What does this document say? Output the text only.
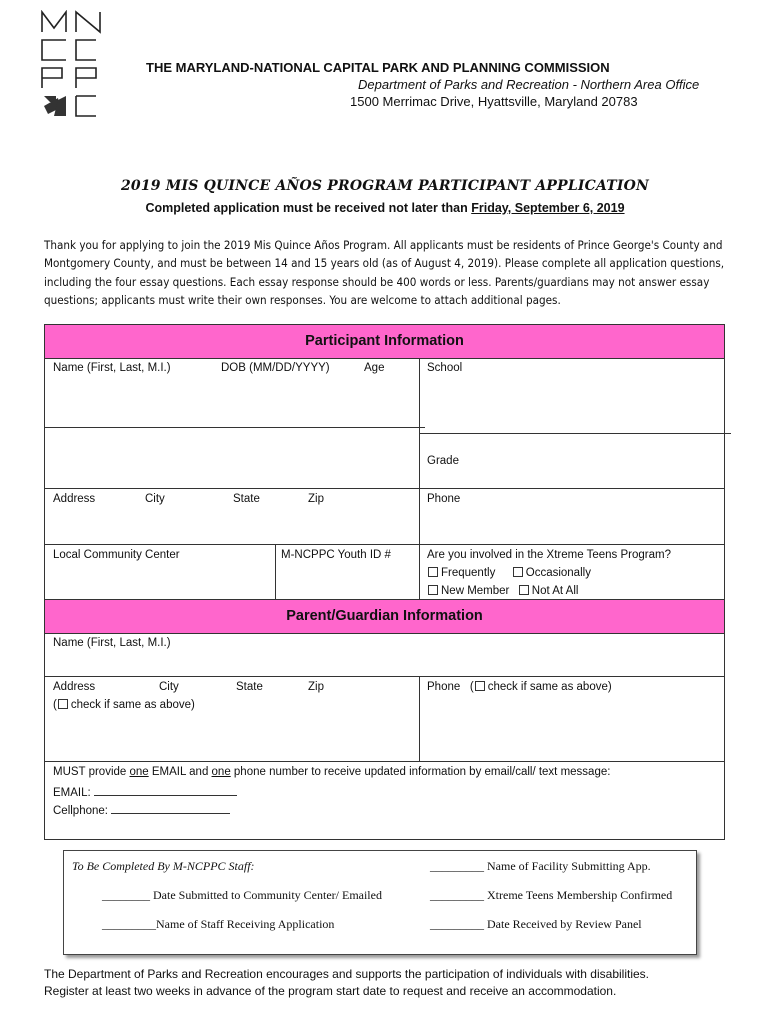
THE MARYLAND-NATIONAL CAPITAL PARK AND PLANNING COMMISSION
Department of Parks and Recreation - Northern Area Office
1500 Merrimac Drive, Hyattsville, Maryland 20783
2019 MIS QUINCE AÑOS PROGRAM PARTICIPANT APPLICATION
Completed application must be received not later than Friday, September 6, 2019
Thank you for applying to join the 2019 Mis Quince Años Program. All applicants must be residents of Prince George's County and Montgomery County, and must be between 14 and 15 years old (as of August 4, 2019). Please complete all application questions, including the four essay questions. Each essay response should be 400 words or less. Parents/guardians may not answer essay questions; applicants must write their own responses. You are welcome to attach additional pages.
Participant Information
Name (First, Last, M.I.)	DOB (MM/DD/YYYY)	Age	School
Grade
Address	City	State	Zip	Phone
Local Community Center	M-NCPPC Youth ID #	Are you involved in the Xtreme Teens Program?
Frequently	Occasionally
New Member Not At All
Parent/Guardian Information
Name (First, Last, M.I.)
Address	City	State	Zip
( check if same as above)
Phone   ( check if same as above)
MUST provide one EMAIL and one phone number to receive updated information by email/call/ text message:
EMAIL:
Cellphone:
To Be Completed By M-NCPPC Staff:	_________ Name of Facility Submitting App.
________ Date Submitted to Community Center/ Emailed	_________ Xtreme Teens Membership Confirmed
_________Name of Staff Receiving Application	_________ Date Received by Review Panel
The Department of Parks and Recreation encourages and supports the participation of individuals with disabilities.
Register at least two weeks in advance of the program start date to request and receive an accommodation.
